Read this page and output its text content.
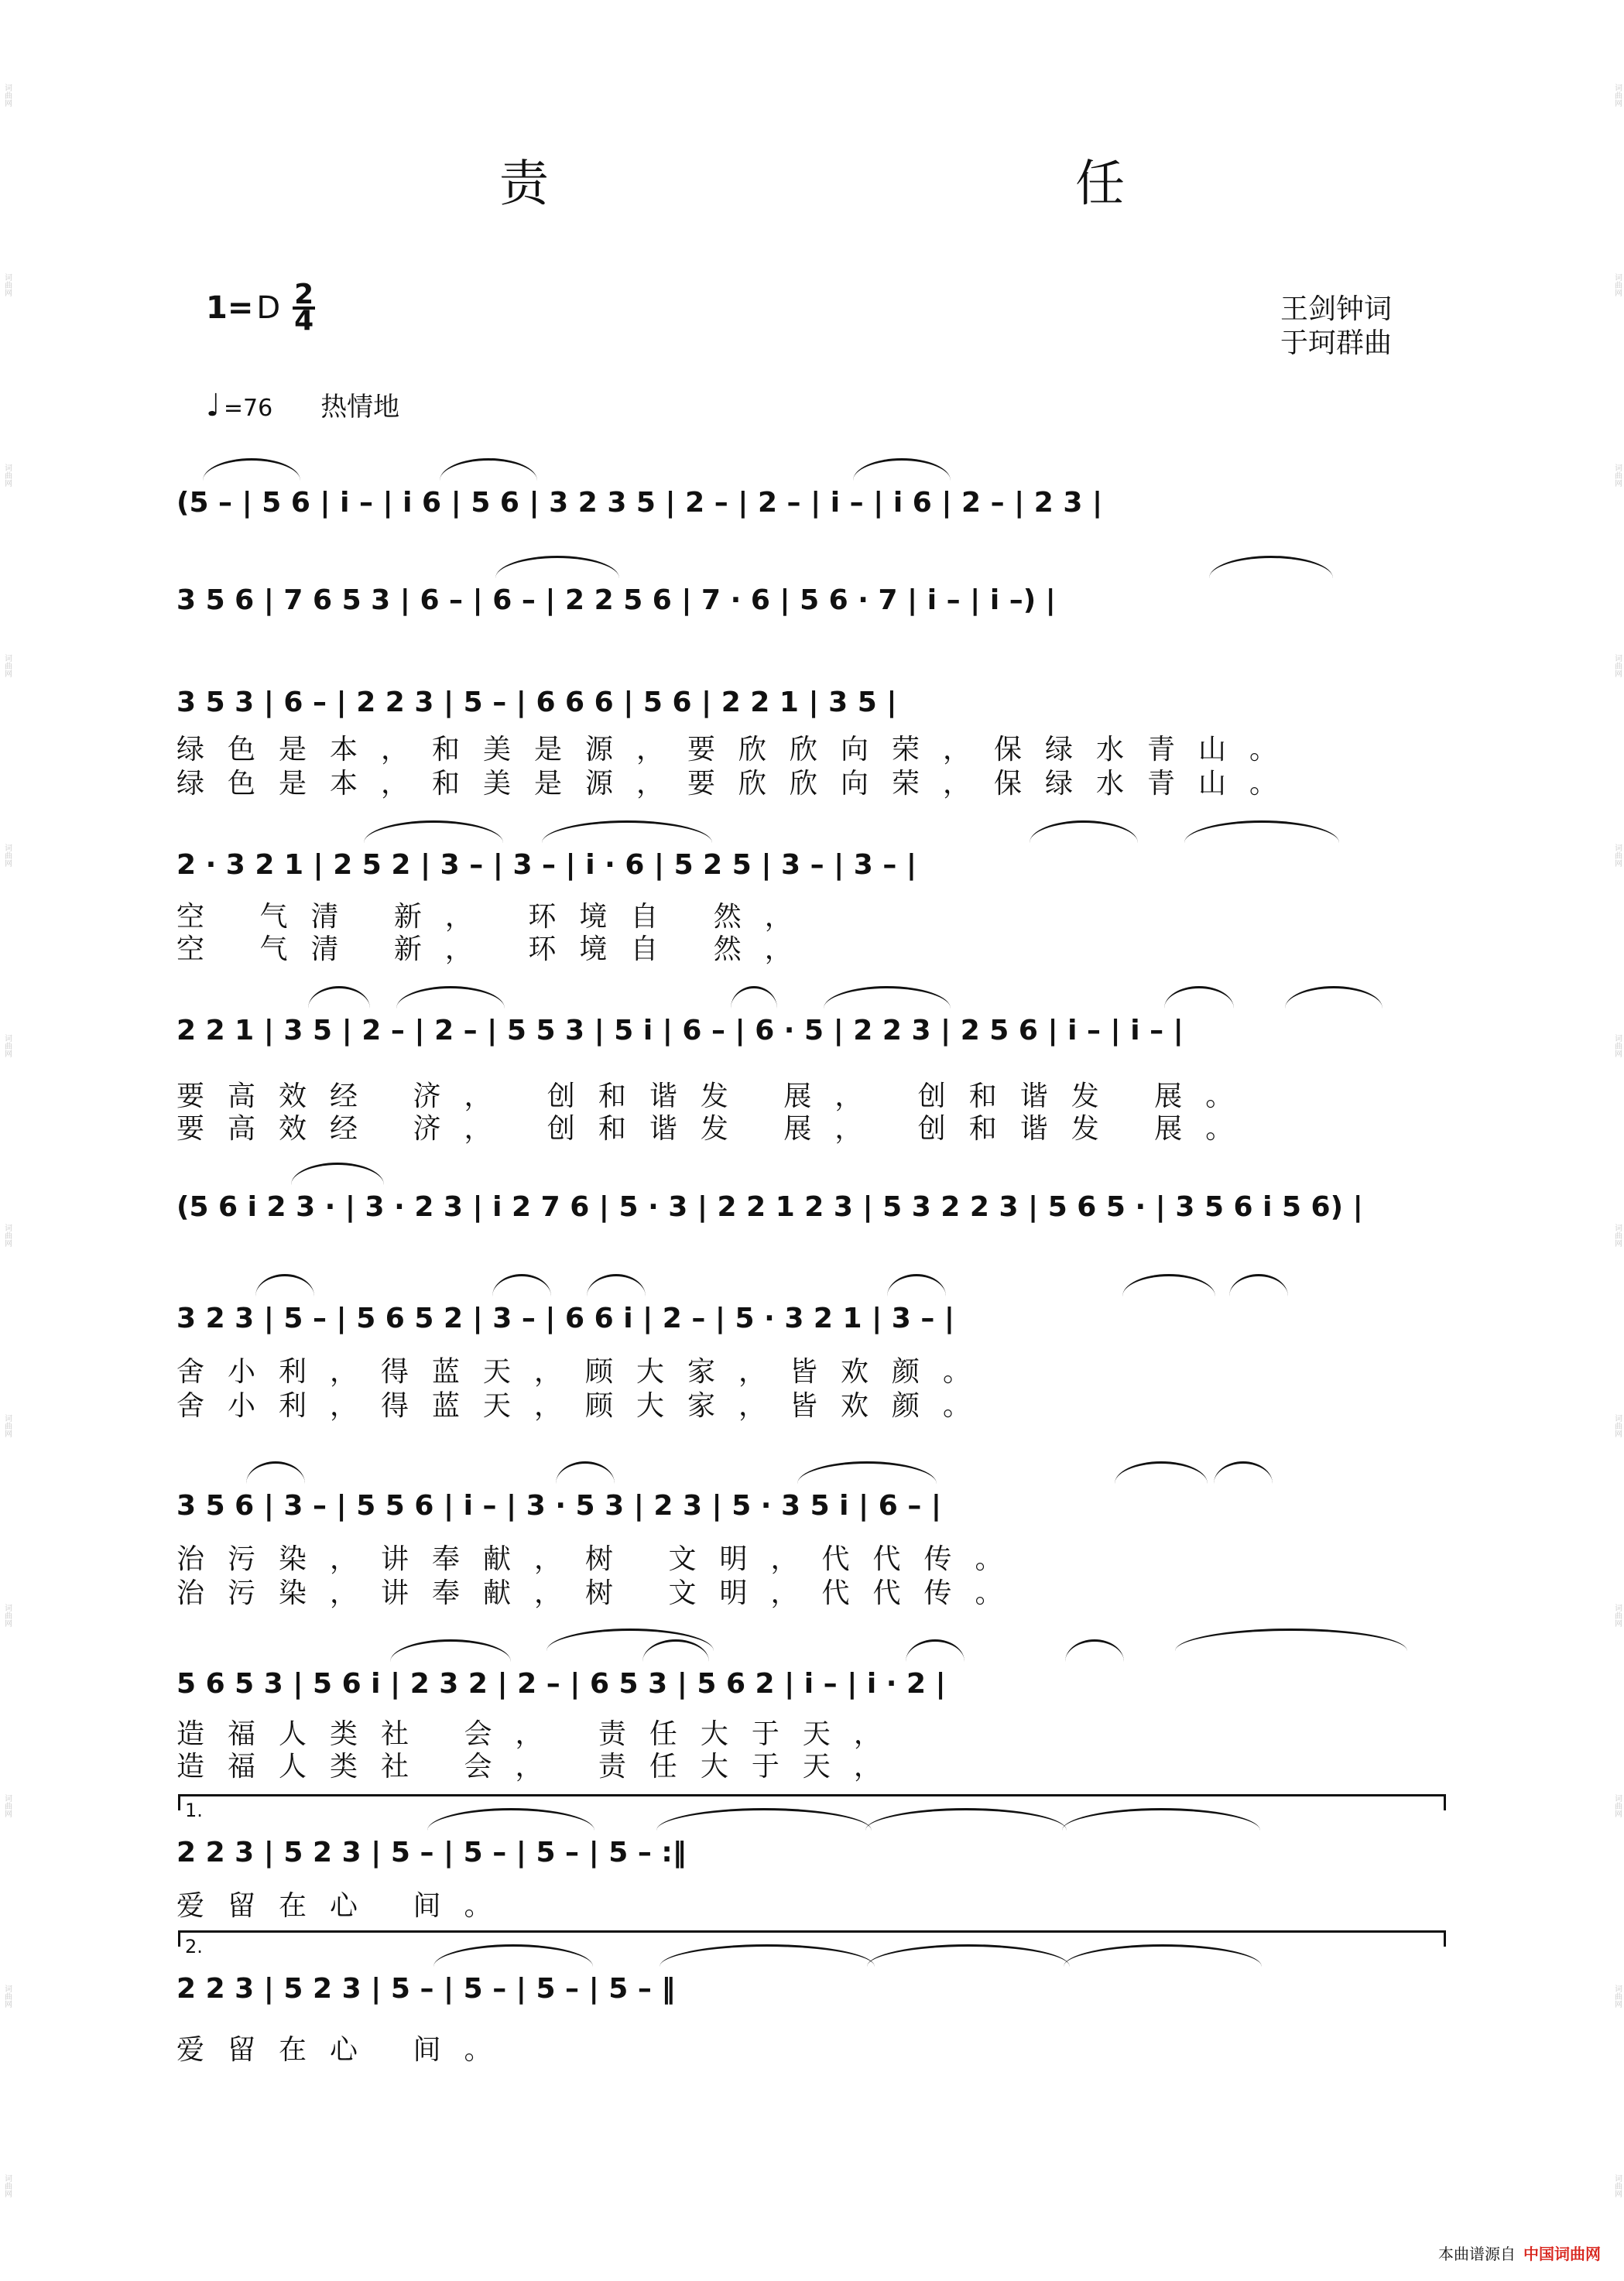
词曲网
词曲网
词曲网
词曲网
词曲网
词曲网
词曲网
词曲网
词曲网
词曲网
词曲网
词曲网
词曲网
词曲网
词曲网
词曲网
词曲网
词曲网
词曲网
词曲网
词曲网
词曲网
词曲网
词曲网
责 任
1= D $\frac{2}{4}$	王剑钟词
于珂群曲
♩ =76 热情地
(5 – | 5 6 | i – | i 6 | 5 6 | 3 2 3 5 | 2 – | 2 – | i – | i 6 | 2 – | 2 3 |
3 5 6 | 7 6 5 3 | 6 – | 6 – | 2 2 5 6 | 7 · 6 | 5 6 · 7 | i – | i –) |
3 5 3 | 6 – | 2 2 3 | 5 – | 6 6 6 | 5 6 | 2 2 1 | 3 5 |
绿色是本，和美是源，要欣欣向荣，保绿水青山。
绿色是本，和美是源，要欣欣向荣，保绿水青山。
2 · 3 2 1 | 2 5 2 | 3 – | 3 – | i · 6 | 5 2 5 | 3 – | 3 – |
空 气清 新， 环境自 然，
空 气清 新， 环境自 然，
2 2 1 | 3 5 | 2 – | 2 – | 5 5 3 | 5 i | 6 – | 6 · 5 | 2 2 3 | 2 5 6 | i – | i – |
要高效经 济， 创和谐发 展， 创和谐发 展。
要高效经 济， 创和谐发 展， 创和谐发 展。
(5 6 i 2 3 · | 3 · 2 3 | i 2 7 6 | 5 · 3 | 2 2 1 2 3 | 5 3 2 2 3 | 5 6 5 · | 3 5 6 i 5 6) |
3 2 3 | 5 – | 5 6 5 2 | 3 – | 6 6 i | 2 – | 5 · 3 2 1 | 3 – |
舍小利，得蓝天，顾大家，皆欢颜。
舍小利，得蓝天，顾大家，皆欢颜。
3 5 6 | 3 – | 5 5 6 | i – | 3 · 5 3 | 2 3 | 5 · 3 5 i | 6 – |
治污染，讲奉献，树 文明，代代传。
治污染，讲奉献，树 文明，代代传。
5 6 5 3 | 5 6 i | 2 3 2 | 2 – | 6 5 3 | 5 6 2 | i – | i · 2 |
造福人类社 会， 责任大于天，
造福人类社 会， 责任大于天，
1.
2 2 3 | 5 2 3 | 5 – | 5 – | 5 – | 5 – :‖
爱留在心 间。
2.
2 2 3 | 5 2 3 | 5 – | 5 – | 5 – | 5 – ‖
爱留在心 间。
本曲谱源自 中国词曲网
